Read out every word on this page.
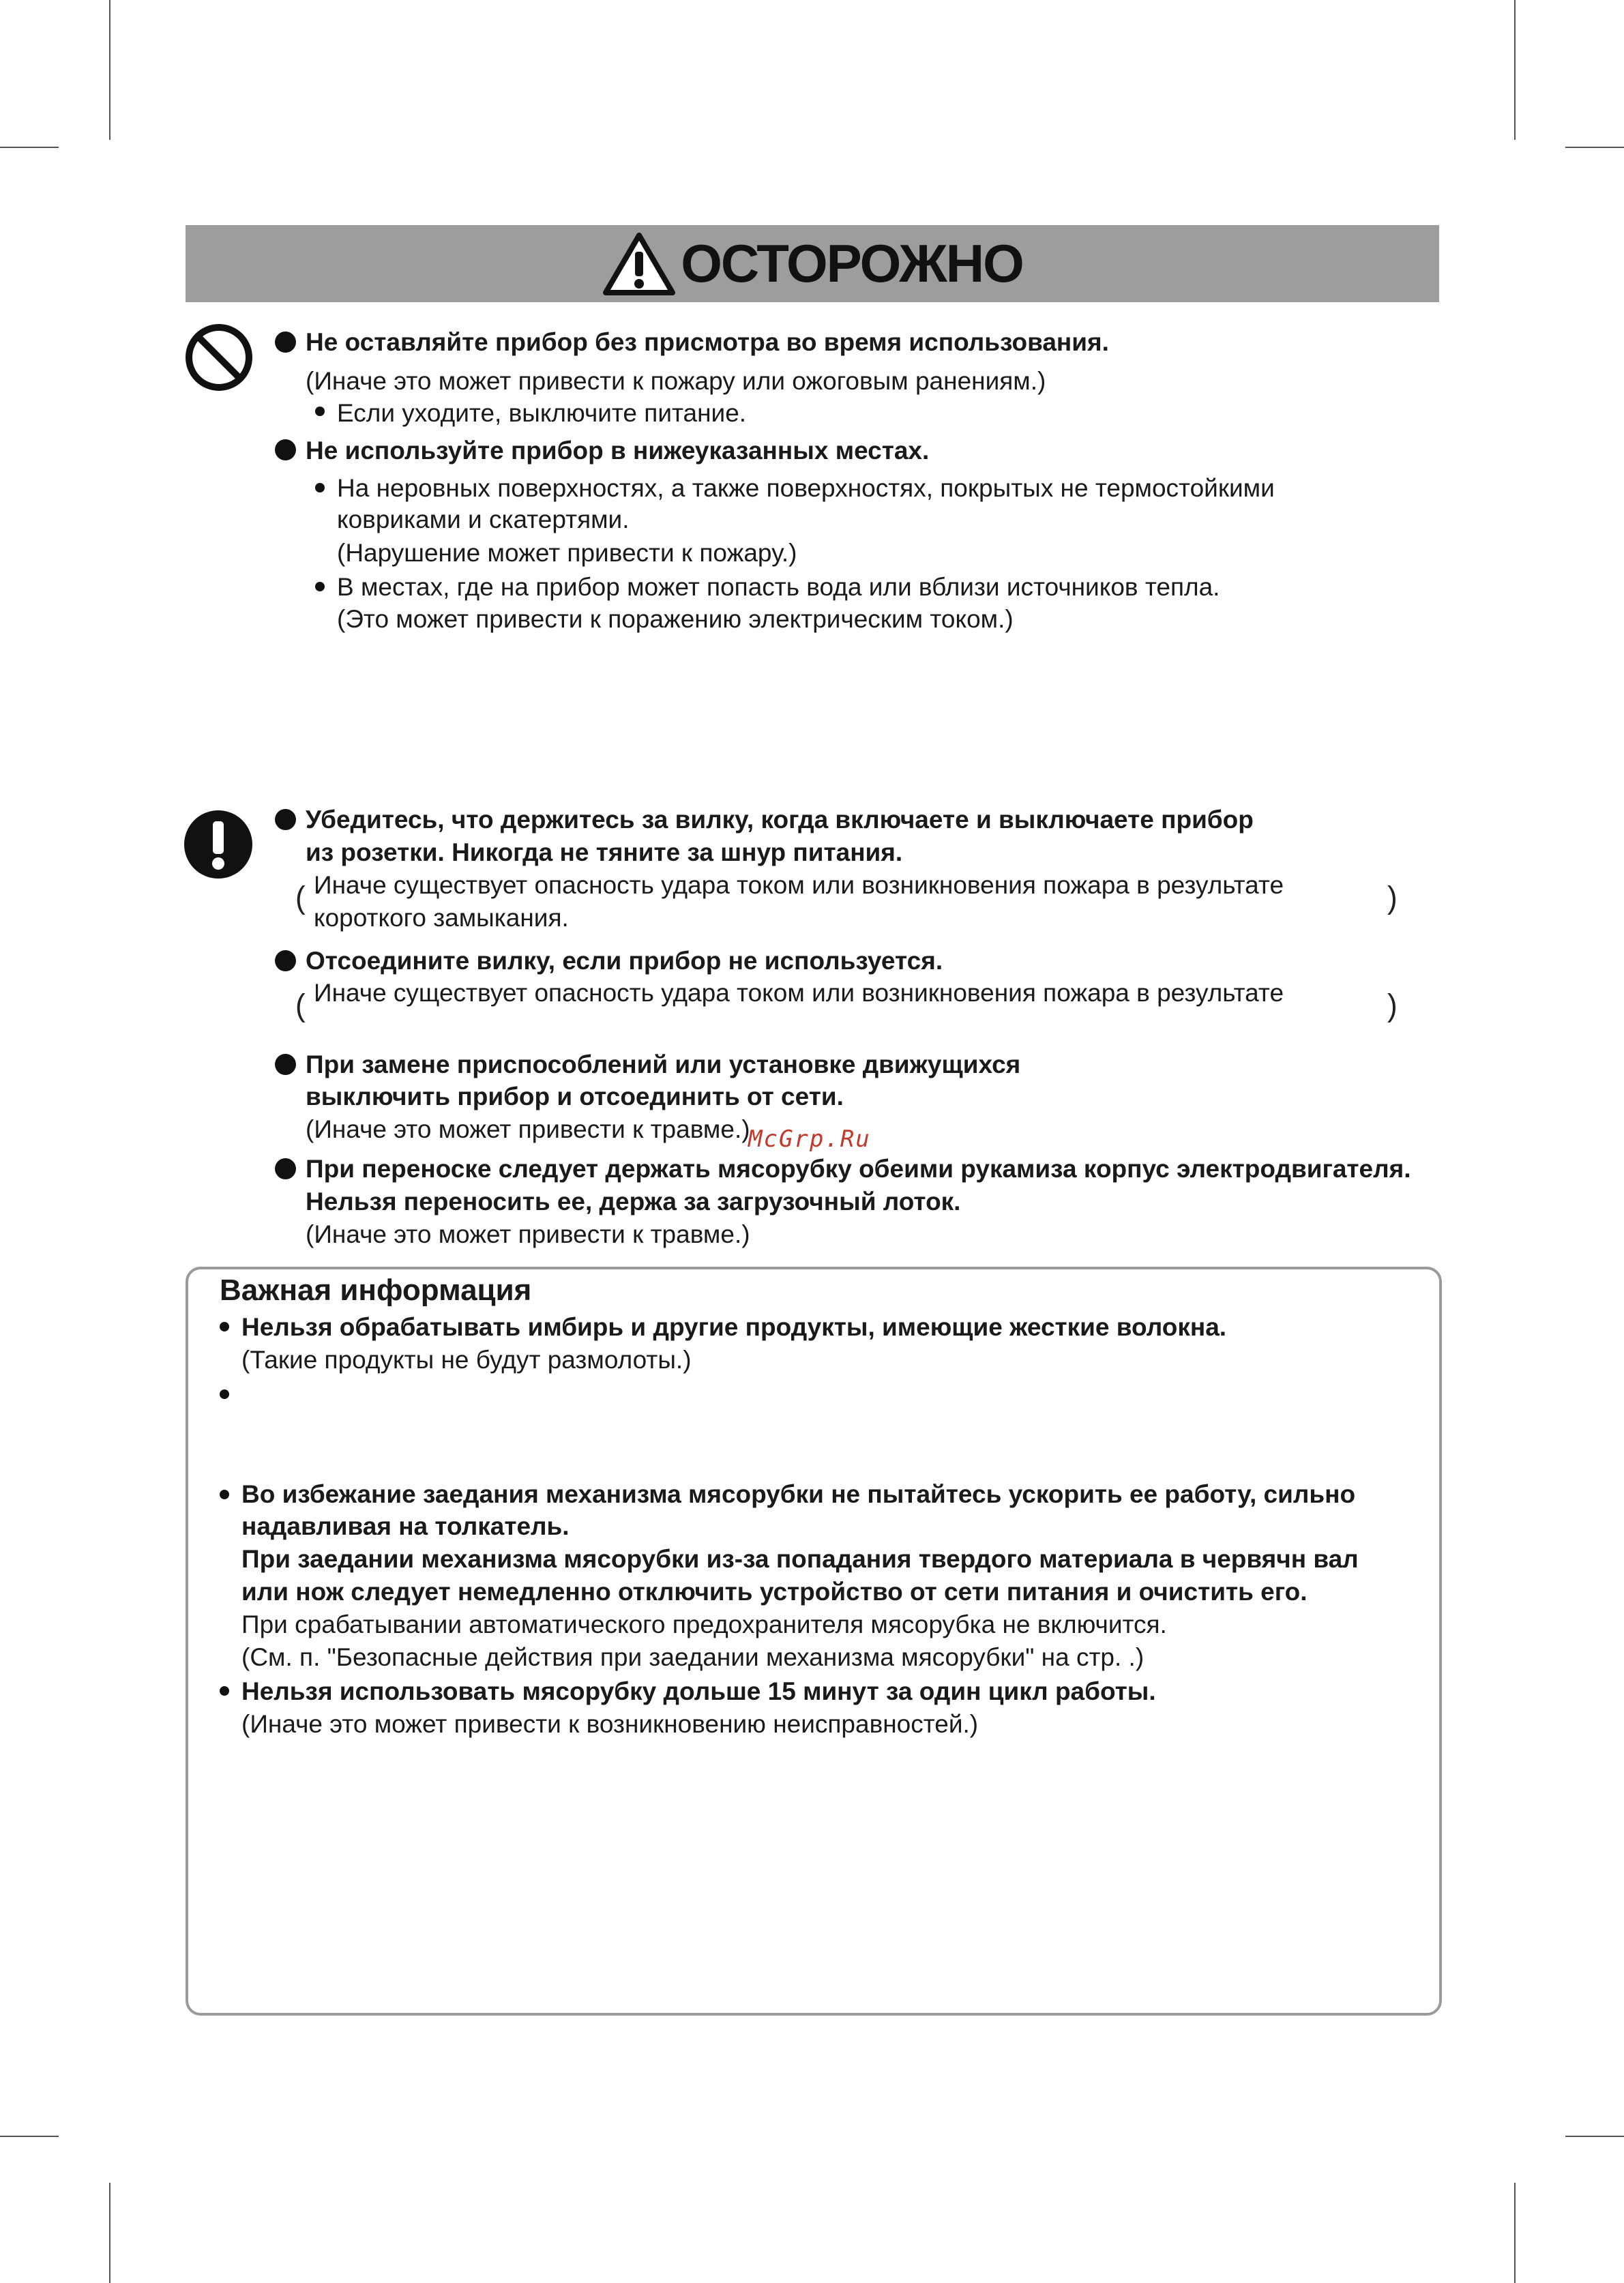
ОСТОРОЖНО
Не оставляйте прибор без присмотра во время использования.
(Иначе это может привести к пожару или ожоговым ранениям.)
Если уходите, выключите питание.
Не используйте прибор в нижеуказанных местах.
На неровных поверхностях, а также поверхностях, покрытых не термостойкими
ковриками и скатертями.
(Нарушение может привести к пожару.)
В местах, где на прибор может попасть вода или вблизи источников тепла.
(Это может привести к поражению электрическим током.)
Убедитесь, что держитесь за вилку, когда включаете и выключаете прибор
из розетки. Никогда не тяните за шнур питания.
( Иначе существует опасность удара током или возникновения пожара в результате
короткого замыкания.
)
Отсоедините вилку, если прибор не используется.
( Иначе существует опасность удара током или возникновения пожара в результате	)
При замене приспособлений или установке движущихся
выключить прибор и отсоединить от сети.
(Иначе это может привести к травме.)
При переноске следует держать мясорубку обеими рукамиза корпус электродвигателя.
Нельзя переносить ее, держа за загрузочный лоток.
(Иначе это может привести к травме.)
McGrp.Ru
Важная информация
Нельзя обрабатывать имбирь и другие продукты, имеющие жесткие волокна.
(Такие продукты не будут размолоты.)
Во избежание заедания механизма мясорубки не пытайтесь ускорить ее работу, сильно
надавливая на толкатель.
При заедании механизма мясорубки из-за попадания твердого материала в червячн вал
или нож следует немедленно отключить устройство от сети питания и очистить его.
При срабатывании автоматического предохранителя мясорубка не включится.
(См. п. "Безопасные действия при заедании механизма мясорубки" на стр. .)
Нельзя использовать мясорубку дольше 15 минут за один цикл работы.
(Иначе это может привести к возникновению неисправностей.)
